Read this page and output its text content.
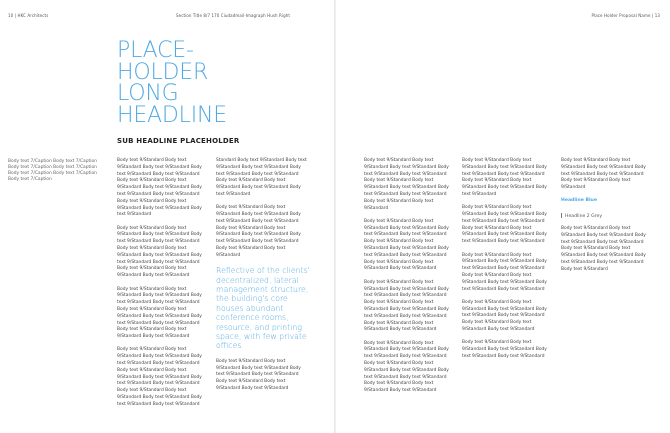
10 | HKC Architects	Section Title 8/7 170 Ciudadmail·Imagraph Hush Right
PLACE-
HOLDER
LONG
HEADLINE
SUB HEADLINE PLACEHOLDER
Body text 7/Caption Body text 7/Caption
Body text 7/Caption Body text 7/Caption
Body text 7/Caption Body text 7/Caption
Body text 7/Caption

Body text 9/Standard Body text 9/Standard Body text 9/Standard Body text 9/Standard Body text 9/Standard Body text 9/Standard Body text 9/Standard Body text 9/Standard Body text 9/Standard Body text 9/Standard Body text 9/Standard Body text 9/Standard Body text 9/Standard Body text 9/Standard

Body text 9/Standard Body text 9/Standard Body text 9/Standard Body text 9/Standard Body text 9/Standard Body text 9/Standard Body text 9/Standard Body text 9/Standard Body text 9/Standard Body text 9/Standard Body text 9/Standard Body text 9/Standard Body text 9/Standard

Body text 9/Standard Body text 9/Standard Body text 9/Standard Body text 9/Standard Body text 9/Standard Body text 9/Standard Body text 9/Standard Body text 9/Standard Body text 9/Standard Body text 9/Standard Body text 9/Standard Body text 9/Standard Body text 9/Standard

Body text 9/Standard Body text 9/Standard Body text 9/Standard Body text 9/Standard Body text 9/Standard Body text 9/Standard Body text 9/Standard Body text 9/Standard Body text 9/Standard Body text 9/Standard Body text 9/Standard Body text 9/Standard Body text 9/Standard Body text 9/Standard Body text 9/Standard

Standard Body text 9/Standard Body text 9/Standard Body text 9/Standard Body text 9/Standard Body text 9/Standard Body text 9/Standard Body text 9/Standard Body text 9/Standard Body text 9/Standard

Body text 9/Standard Body text 9/Standard Body text 9/Standard Body text 9/Standard Body text 9/Standard Body text 9/Standard Body text 9/Standard Body text 9/Standard Body text 9/Standard Body text 9/Standard Body text 9/Standard Body text 9/Standard

Reflective of the clients' decentralized, lateral management structure, the building's core houses abundant conference rooms, resource, and printing space, with few private offices.

Body text 9/Standard Body text 9/Standard Body text 9/Standard Body text 9/Standard Body text 9/Standard Body text 9/Standard Body text 9/Standard Body text 9/Standard

Place Holder Proposal Name | 13

Body text 9/Standard Body text 9/Standard Body text 9/Standard Body text 9/Standard Body text 9/Standard Body text 9/Standard Body text 9/Standard Body text 9/Standard Body text 9/Standard Body text 9/Standard Body text 9/Standard Body text 9/Standard

Body text 9/Standard Body text 9/Standard Body text 9/Standard Body text 9/Standard Body text 9/Standard Body text 9/Standard Body text 9/Standard Body text 9/Standard Body text 9/Standard Body text 9/Standard Body text 9/Standard Body text 9/Standard Body text 9/Standard

Body text 9/Standard Body text 9/Standard Body text 9/Standard Body text 9/Standard Body text 9/Standard Body text 9/Standard Body text 9/Standard Body text 9/Standard Body text 9/Standard Body text 9/Standard Body text 9/Standard Body text 9/Standard Body text 9/Standard

Body text 9/Standard Body text 9/Standard Body text 9/Standard Body text 9/Standard Body text 9/Standard Body text 9/Standard Body text 9/Standard Body text 9/Standard Body text 9/Standard Body text 9/Standard Body text 9/Standard Body text 9/Standard Body text 9/Standard

Body text 9/Standard Body text 9/Standard Body text 9/Standard Body text 9/Standard Body text 9/Standard Body text 9/Standard Body text 9/Standard Body text 9/Standard Body text 9/Standard

Body text 9/Standard Body text 9/Standard Body text 9/Standard Body text 9/Standard Body text 9/Standard Body text 9/Standard Body text 9/Standard Body text 9/Standard Body text 9/Standard Body text 9/Standard

Body text 9/Standard Body text 9/Standard Body text 9/Standard Body text 9/Standard Body text 9/Standard Body text 9/Standard Body text 9/Standard Body text 9/Standard Body text 9/Standard Body text 9/Standard

Body text 9/Standard Body text 9/Standard Body text 9/Standard Body text 9/Standard Body text 9/Standard Body text 9/Standard Body text 9/Standard Body text 9/Standard

Body text 9/Standard Body text 9/Standard Body text 9/Standard Body text 9/Standard Body text 9/Standard

Body text 9/Standard Body text 9/Standard Body text 9/Standard Body text 9/Standard Body text 9/Standard Body text 9/Standard Body text 9/Standard

Headline Blue
Headline 2 Grey

Body text 9/Standard Body text 9/Standard Body text 9/Standard Body text 9/Standard Body text 9/Standard Body text 9/Standard Body text 9/Standard Body text 9/Standard Body text 9/Standard Body text 9/Standard Body text 9/Standard
